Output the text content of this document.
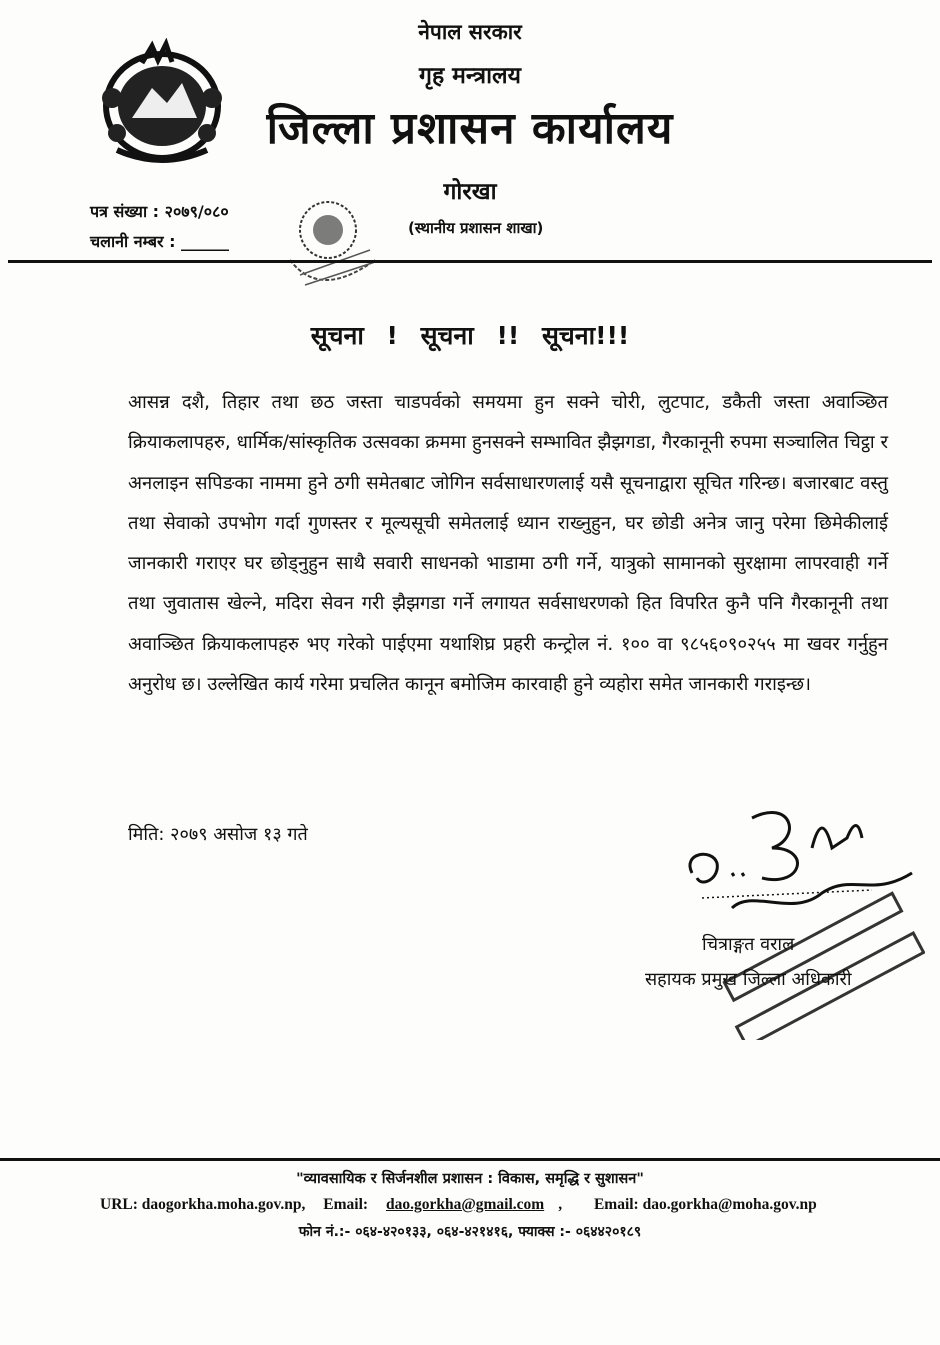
नेपाल सरकार
गृह मन्त्रालय
जिल्ला प्रशासन कार्यालय
गोरखा
(स्थानीय प्रशासन शाखा)
पत्र संख्या : २०७९/०८०
चलानी नम्बर : ______
सूचना ! सूचना !! सूचना!!!
आसन्न दशै, तिहार तथा छठ जस्ता चाडपर्वको समयमा हुन सक्ने चोरी, लुटपाट, डकैती जस्ता अवाञ्छित क्रियाकलापहरु, धार्मिक/सांस्कृतिक उत्सवका क्रममा हुनसक्ने सम्भावित झैझगडा, गैरकानूनी रुपमा सञ्चालित चिट्ठा र अनलाइन सपिङका नाममा हुने ठगी समेतबाट जोगिन सर्वसाधारणलाई यसै सूचनाद्वारा सूचित गरिन्छ। बजारबाट वस्तु तथा सेवाको उपभोग गर्दा गुणस्तर र मूल्यसूची समेतलाई ध्यान राख्नुहुन, घर छोडी अनेत्र जानु परेमा छिमेकीलाई जानकारी गराएर घर छोड्नुहुन साथै सवारी साधनको भाडामा ठगी गर्ने, यात्रुको सामानको सुरक्षामा लापरवाही गर्ने तथा जुवातास खेल्ने, मदिरा सेवन गरी झैझगडा गर्ने लगायत सर्वसाधरणको हित विपरित कुनै पनि गैरकानूनी तथा अवाञ्छित क्रियाकलापहरु भए गरेको पाईएमा यथाशिघ्र प्रहरी कन्ट्रोल नं. १०० वा ९८५६०९०२५५ मा खवर गर्नुहुन अनुरोध छ। उल्लेखित कार्य गरेमा प्रचलित कानून बमोजिम कारवाही हुने व्यहोरा समेत जानकारी गराइन्छ।
मिति: २०७९ असोज १३ गते
चित्राङ्गत वराल
सहायक प्रमुख जिल्ला अधिकारी
"व्यावसायिक र सिर्जनशील प्रशासन : विकास, समृद्धि र सुशासन"
URL: daogorkha.moha.gov.np, Email: dao.gorkha@gmail.com , Email: dao.gorkha@moha.gov.np
फोन नं.:- ०६४-४२०१३३, ०६४-४२१४१६, फ्याक्स :- ०६४४२०१८९
